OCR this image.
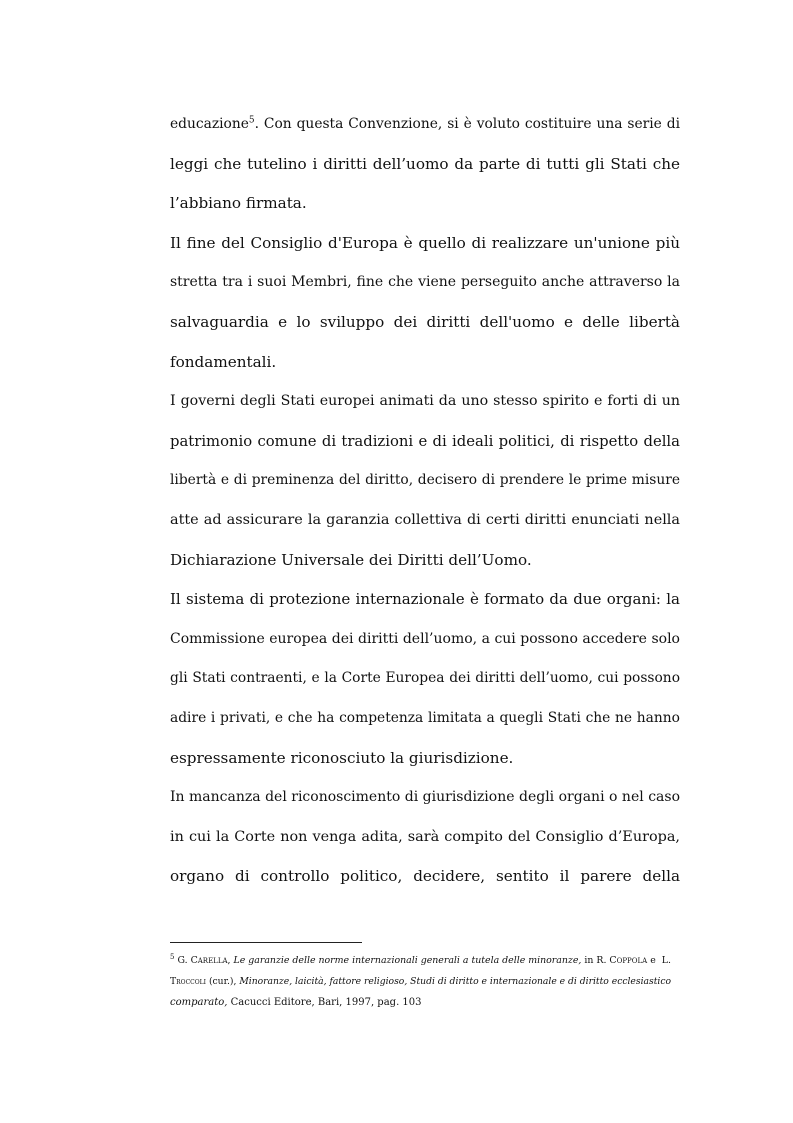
educazione$^5$. Con questa Convenzione, si è voluto costituire una serie di
leggi che tutelino i diritti dell’uomo da parte di tutti gli Stati che
l’abbiano firmata.
Il fine del Consiglio d'Europa è quello di realizzare un'unione più
stretta tra i suoi Membri, fine che viene perseguito anche attraverso la
salvaguardia e lo sviluppo dei diritti dell'uomo e delle libertà
fondamentali.
I governi degli Stati europei animati da uno stesso spirito e forti di un
patrimonio comune di tradizioni e di ideali politici, di rispetto della
libertà e di preminenza del diritto, decisero di prendere le prime misure
atte ad assicurare la garanzia collettiva di certi diritti enunciati nella
Dichiarazione Universale dei Diritti dell’Uomo.
Il sistema di protezione internazionale è formato da due organi: la
Commissione europea dei diritti dell’uomo, a cui possono accedere solo
gli Stati contraenti, e la Corte Europea dei diritti dell’uomo, cui possono
adire i privati, e che ha competenza limitata a quegli Stati che ne hanno
espressamente riconosciuto la giurisdizione.
In mancanza del riconoscimento di giurisdizione degli organi o nel caso
in cui la Corte non venga adita, sarà compito del Consiglio d’Europa,
organo di controllo politico, decidere, sentito il parere della
$^5$ G. Carella, Le garanzie delle norme internazionali generali a tutela delle minoranze, in R. Coppola e L.
Troccoli (cur.), Minoranze, laicità, fattore religioso, Studi di diritto e internazionale e di diritto ecclesiastico
comparato, Cacucci Editore, Bari, 1997, pag. 103
